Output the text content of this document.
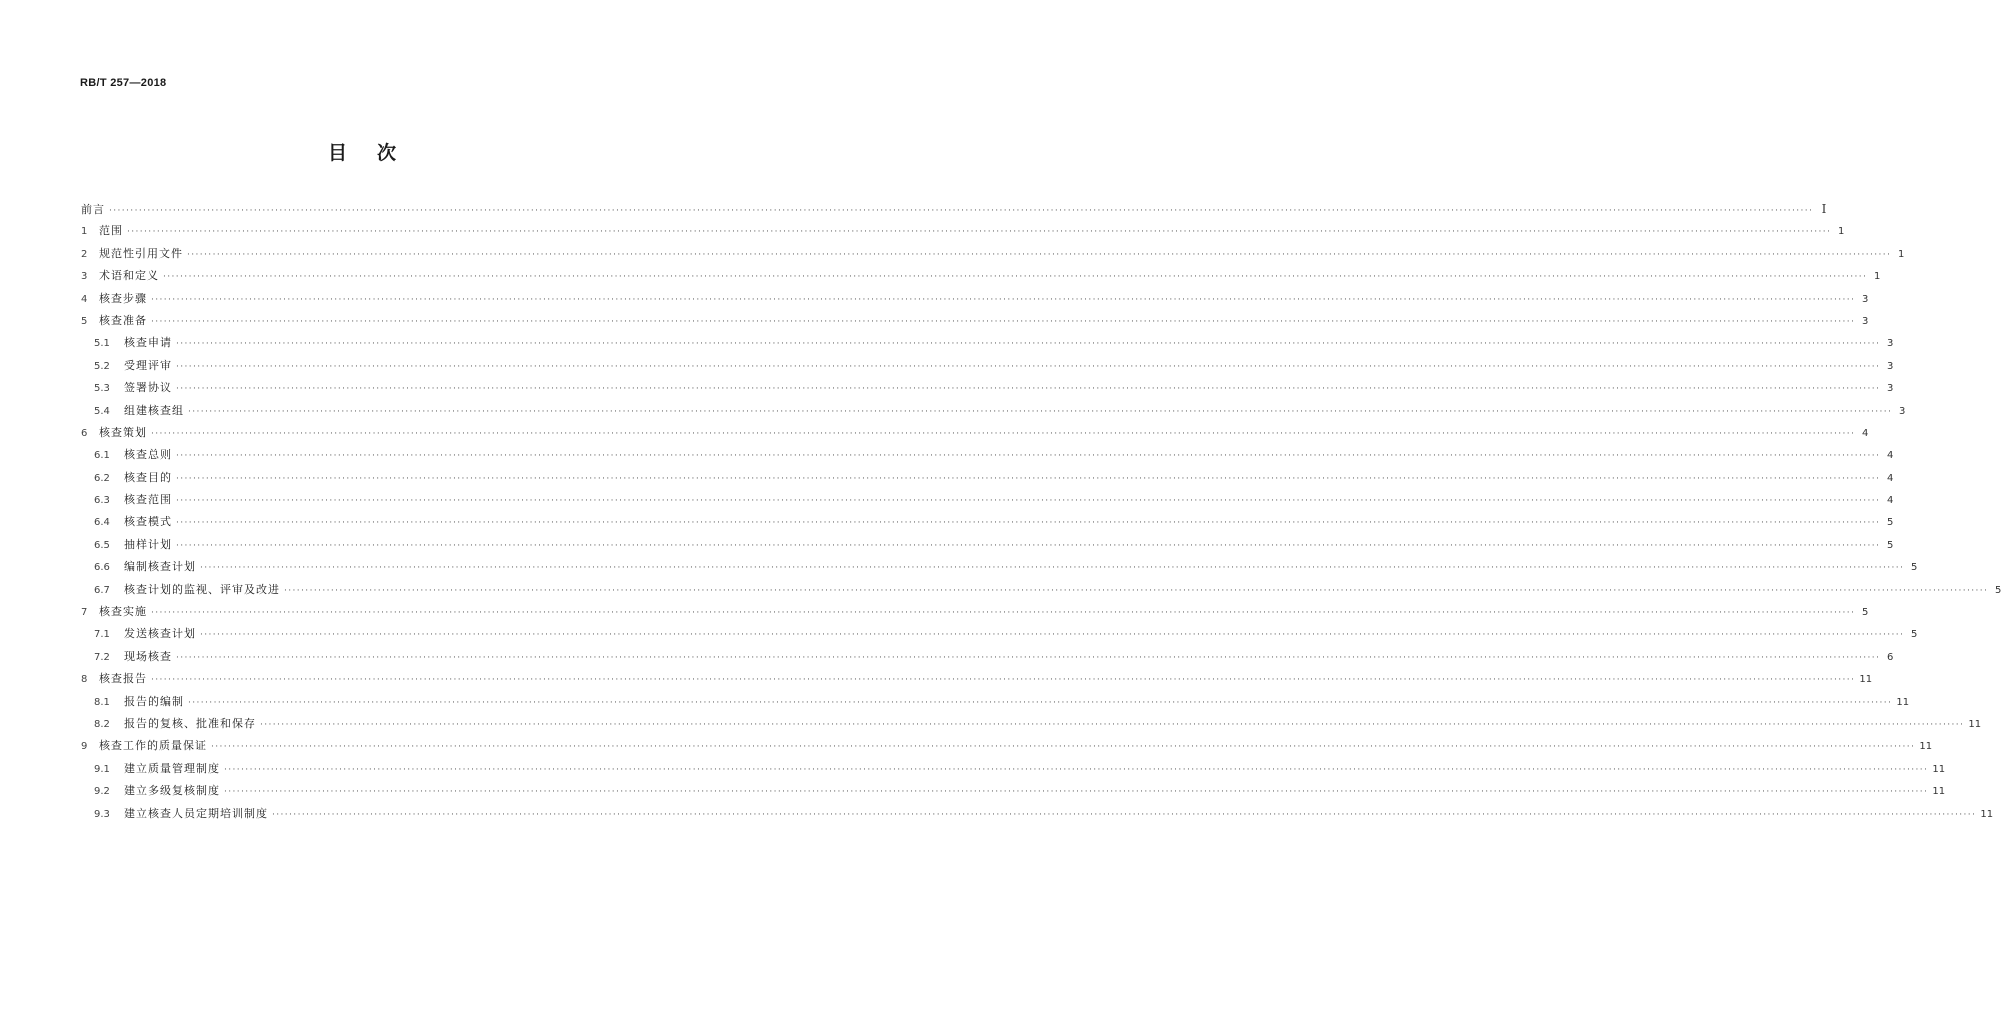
RB/T 257—2018
目次
前言 ················································································································································································································································································································································································································ Ⅰ
1	范围 ················································································································································································································································································································································································································ 1
2	规范性引用文件 ················································································································································································································································································································································································································ 1
3	术语和定义 ················································································································································································································································································································································································································ 1
4	核查步骤 ················································································································································································································································································································································································································ 3
5	核查准备 ················································································································································································································································································································································································································ 3
5.1	核查申请 ················································································································································································································································································································································································································ 3
5.2	受理评审 ················································································································································································································································································································································································································ 3
5.3	签署协议 ················································································································································································································································································································································································································ 3
5.4	组建核查组 ················································································································································································································································································································································································································ 3
6	核查策划 ················································································································································································································································································································································································································ 4
6.1	核查总则 ················································································································································································································································································································································································································ 4
6.2	核查目的 ················································································································································································································································································································································································································ 4
6.3	核查范围 ················································································································································································································································································································································································································ 4
6.4	核查模式 ················································································································································································································································································································································································································ 5
6.5	抽样计划 ················································································································································································································································································································································································································ 5
6.6	编制核查计划 ················································································································································································································································································································································································································ 5
6.7	核查计划的监视、评审及改进 ················································································································································································································································································································································································································ 5
7	核查实施 ················································································································································································································································································································································································································ 5
7.1	发送核查计划 ················································································································································································································································································································································································································ 5
7.2	现场核查 ················································································································································································································································································································································································································ 6
8	核查报告 ················································································································································································································································································································································································································ 11
8.1	报告的编制 ················································································································································································································································································································································································································ 11
8.2	报告的复核、批准和保存 ················································································································································································································································································································································································································ 11
9	核查工作的质量保证 ················································································································································································································································································································································································································ 11
9.1	建立质量管理制度 ················································································································································································································································································································································································································ 11
9.2	建立多级复核制度 ················································································································································································································································································································································································································ 11
9.3	建立核查人员定期培训制度 ················································································································································································································································································································································································································ 11
